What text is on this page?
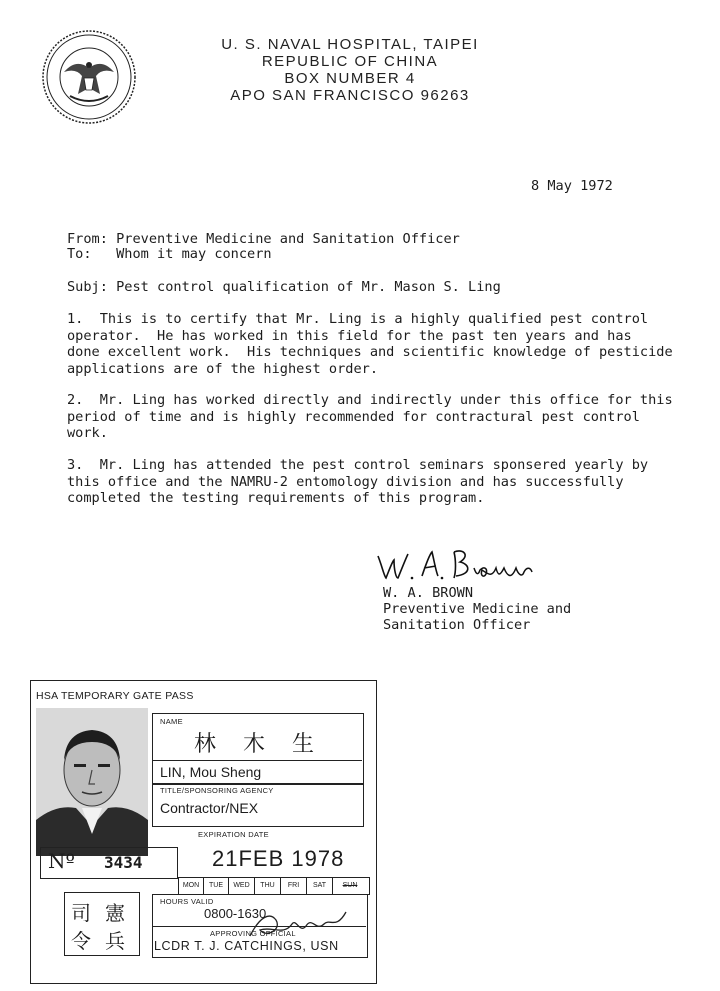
U. S. NAVAL HOSPITAL, TAIPEI
REPUBLIC OF CHINA
BOX NUMBER 4
APO SAN FRANCISCO 96263
8 May 1972
From: Preventive Medicine and Sanitation Officer
To:   Whom it may concern
Subj: Pest control qualification of Mr. Mason S. Ling
1.  This is to certify that Mr. Ling is a highly qualified pest control
operator.  He has worked in this field for the past ten years and has
done excellent work.  His techniques and scientific knowledge of pesticide
applications are of the highest order.
2.  Mr. Ling has worked directly and indirectly under this office for this
period of time and is highly recommended for contractural pest control
work.
3.  Mr. Ling has attended the pest control seminars sponsered yearly by
this office and the NAMRU-2 entomology division and has successfully
completed the testing requirements of this program.
W. A. BROWN
Preventive Medicine and
Sanitation Officer
HSA TEMPORARY GATE PASS
NAME
林 木 生
LIN, Mou Sheng
TITLE/SPONSORING AGENCY
Contractor/NEX
EXPIRATION DATE
21FEB 1978
Nº 3434
MON	TUE	WED	THU	FRI	SAT	SUN
HOURS VALID
0800-1630
APPROVING OFFICIAL
LCDR T. J. CATCHINGS, USN
司 憲
令 兵
